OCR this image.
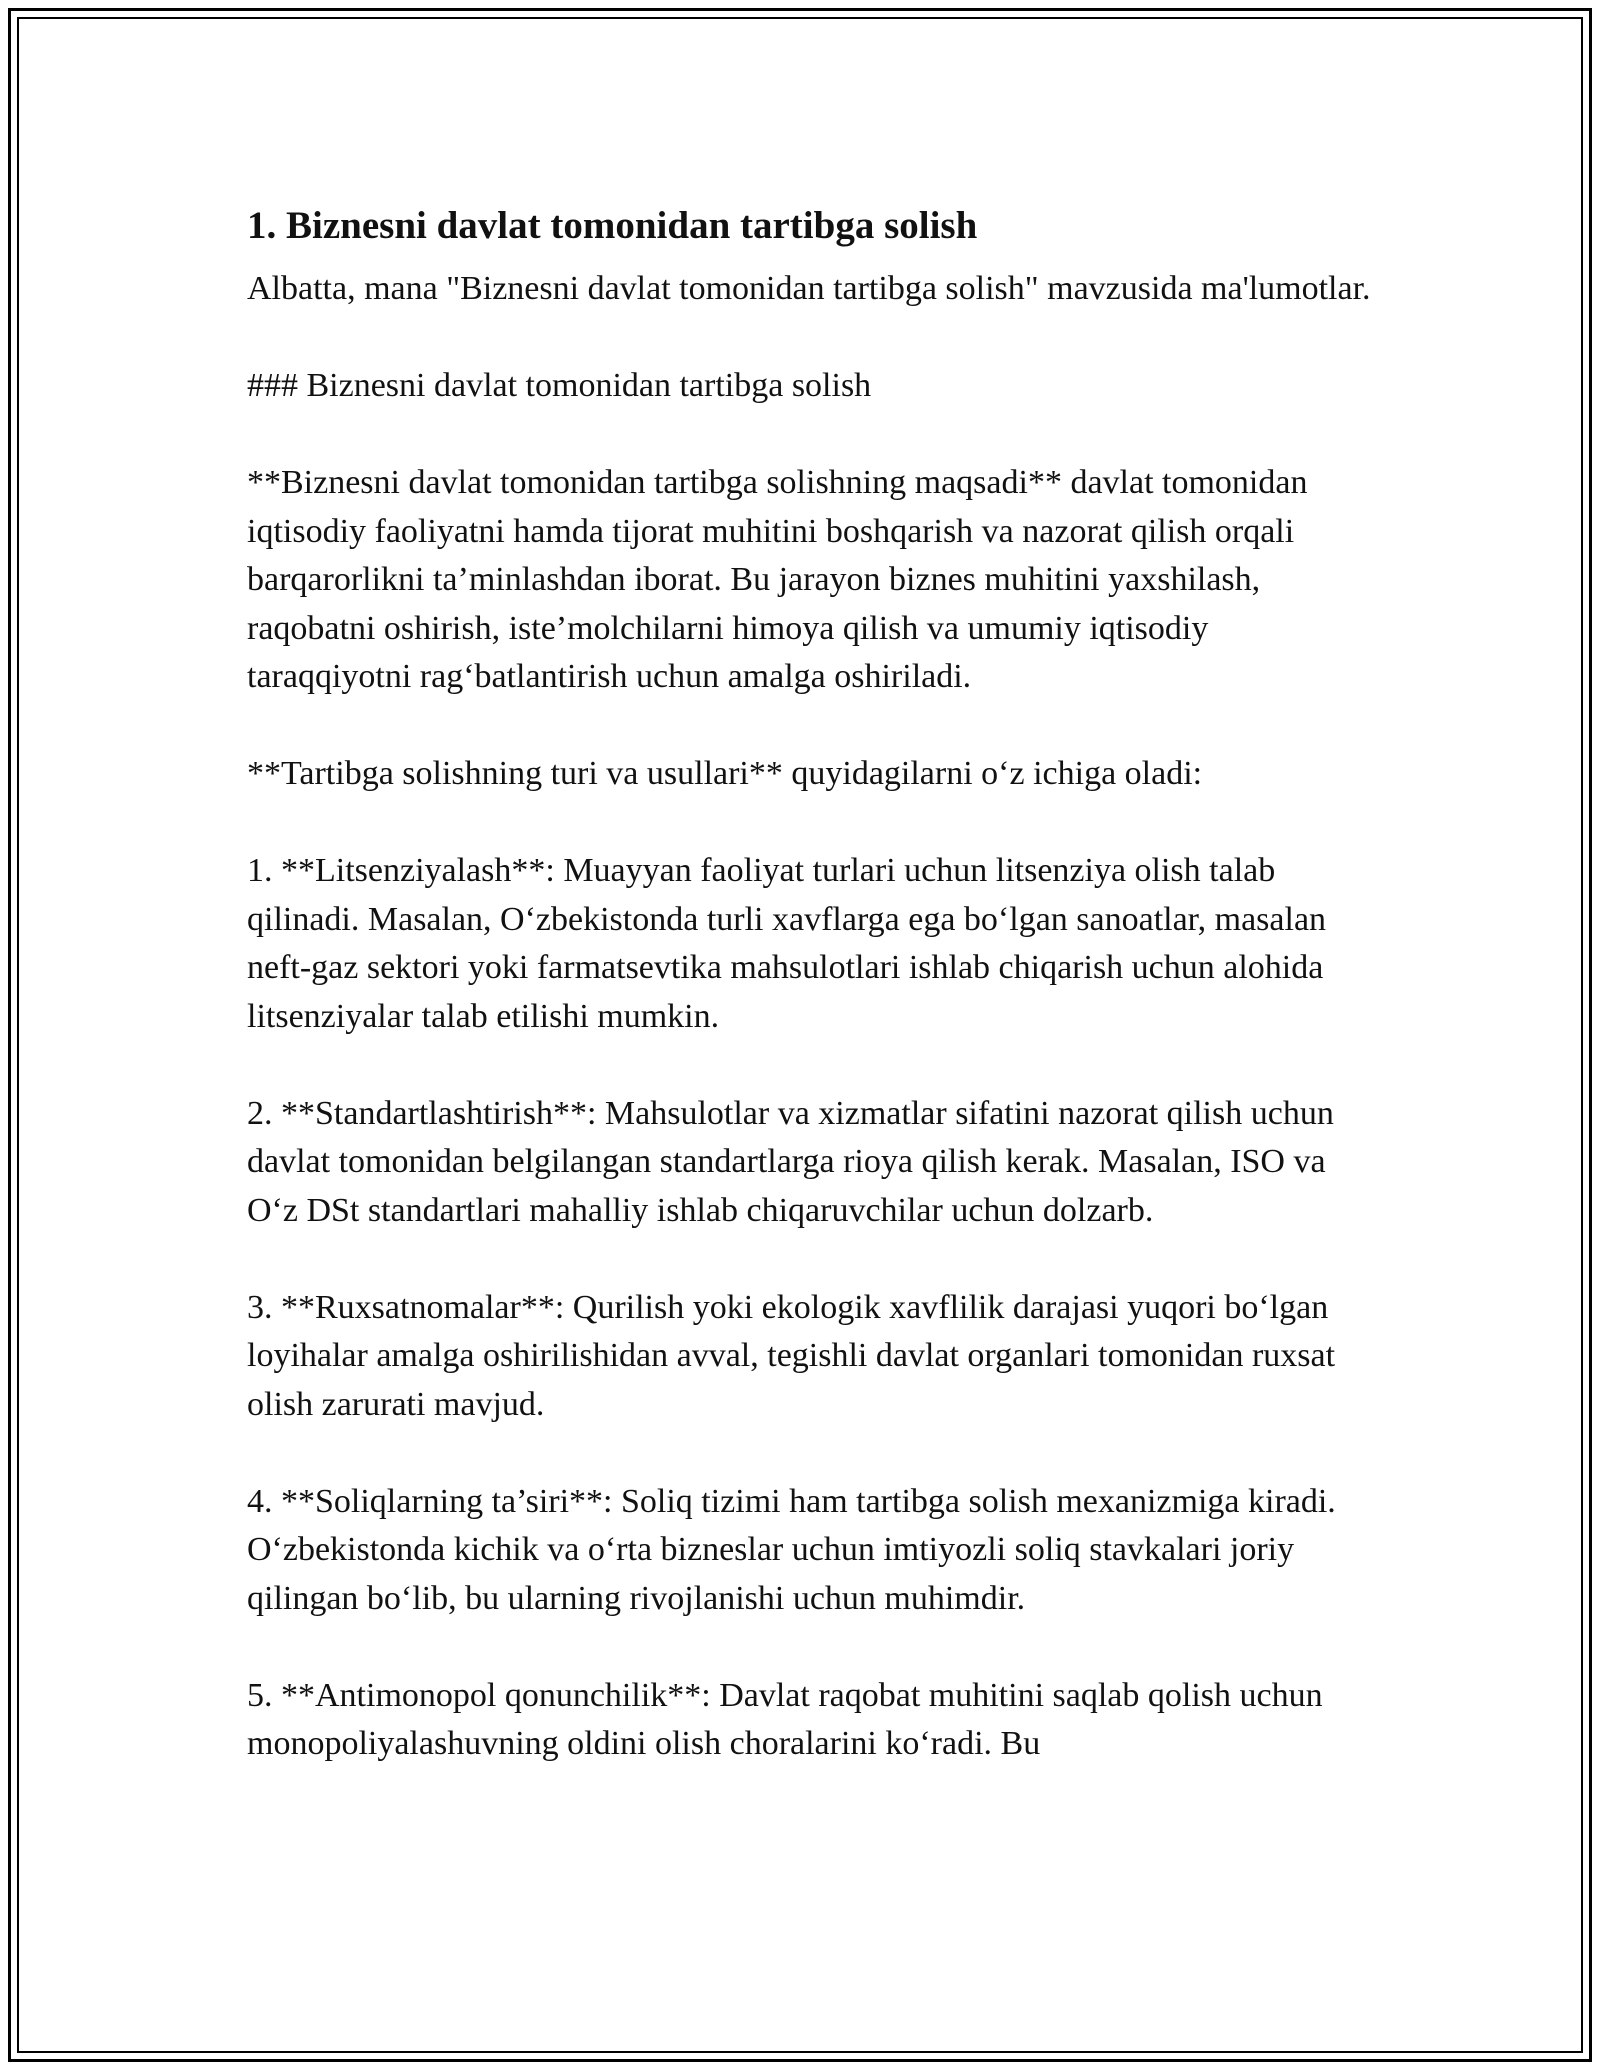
1. Biznesni davlat tomonidan tartibga solish

Albatta, mana "Biznesni davlat tomonidan tartibga solish" mavzusida ma'lumotlar.

### Biznesni davlat tomonidan tartibga solish

**Biznesni davlat tomonidan tartibga solishning maqsadi** davlat tomonidan iqtisodiy faoliyatni hamda tijorat muhitini boshqarish va nazorat qilish orqali barqarorlikni ta’minlashdan iborat. Bu jarayon biznes muhitini yaxshilash, raqobatni oshirish, iste’molchilarni himoya qilish va umumiy iqtisodiy taraqqiyotni rag‘batlantirish uchun amalga oshiriladi.

**Tartibga solishning turi va usullari** quyidagilarni o‘z ichiga oladi:

1. **Litsenziyalash**: Muayyan faoliyat turlari uchun litsenziya olish talab qilinadi. Masalan, O‘zbekistonda turli xavflarga ega bo‘lgan sanoatlar, masalan neft-gaz sektori yoki farmatsevtika mahsulotlari ishlab chiqarish uchun alohida litsenziyalar talab etilishi mumkin.

2. **Standartlashtirish**: Mahsulotlar va xizmatlar sifatini nazorat qilish uchun davlat tomonidan belgilangan standartlarga rioya qilish kerak. Masalan, ISO va O‘z DSt standartlari mahalliy ishlab chiqaruvchilar uchun dolzarb.

3. **Ruxsatnomalar**: Qurilish yoki ekologik xavflilik darajasi yuqori bo‘lgan loyihalar amalga oshirilishidan avval, tegishli davlat organlari tomonidan ruxsat olish zarurati mavjud.

4. **Soliqlarning ta’siri**: Soliq tizimi ham tartibga solish mexanizmiga kiradi. O‘zbekistonda kichik va o‘rta bizneslar uchun imtiyozli soliq stavkalari joriy qilingan bo‘lib, bu ularning rivojlanishi uchun muhimdir.

5. **Antimonopol qonunchilik**: Davlat raqobat muhitini saqlab qolish uchun monopoliyalashuvning oldini olish choralarini ko‘radi. Bu
